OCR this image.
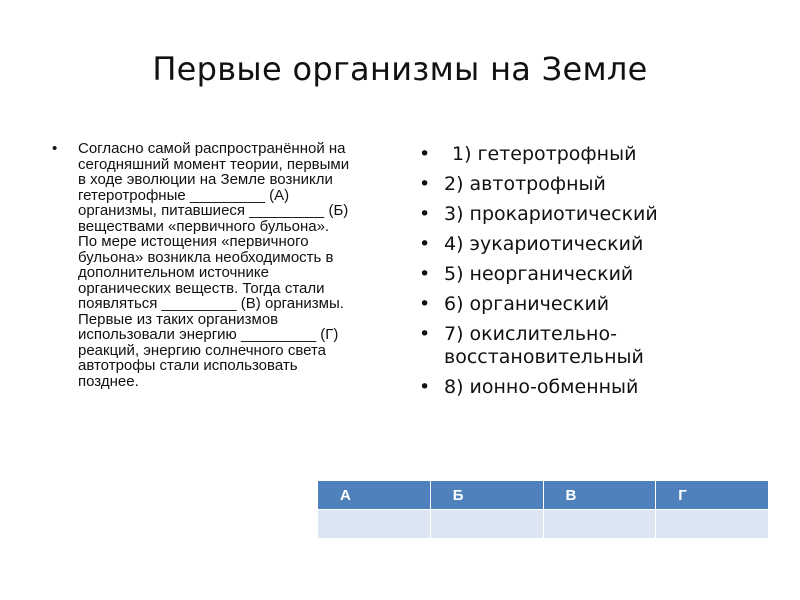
Первые организмы на Земле
•	Согласно самой распространённой на сегодняшний момент теории, первыми в ходе эволюции на Земле возникли гетеротрофные _________ (А) организмы, питавшиеся _________ (Б) веществами «первичного бульона». По мере истощения «первичного бульона» возникла необходимость в дополнительном источнике органических веществ. Тогда стали появляться _________ (В) организмы. Первые из таких организмов использовали энергию _________ (Г) реакций, энергию солнечного света автотрофы стали использовать позднее.
• 1) гетеротрофный
• 2) автотрофный
• 3) прокариотический
• 4) эукариотический
• 5) неорганический
• 6) органический
• 7) окислительно-восстановительный
• 8) ионно-обменный
А	Б	В	Г
